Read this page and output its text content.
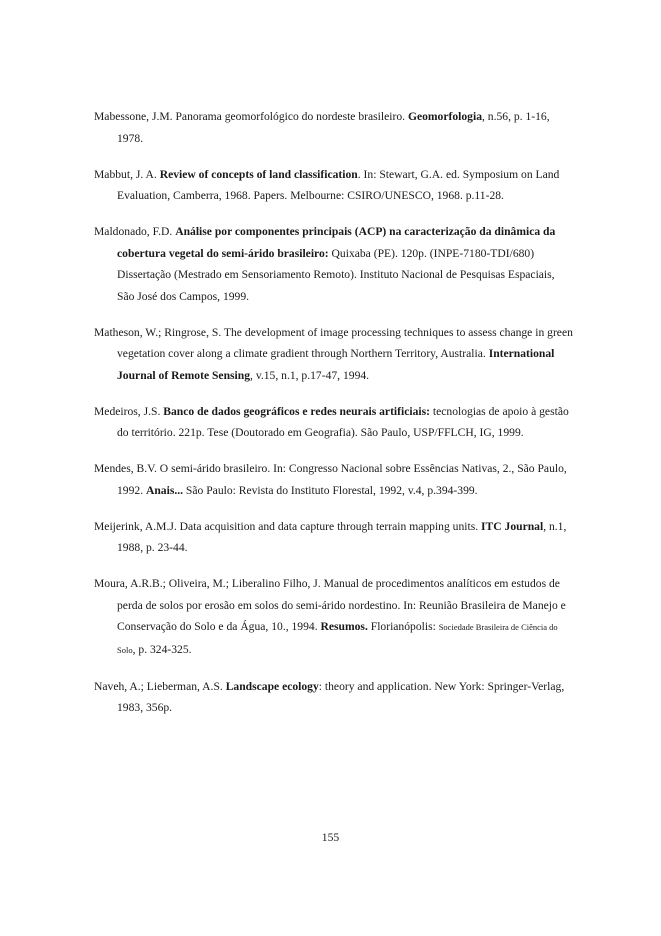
Mabessone, J.M. Panorama geomorfológico do nordeste brasileiro. Geomorfologia, n.56, p. 1-16, 1978.

Mabbut, J. A. Review of concepts of land classification. In: Stewart, G.A. ed. Symposium on Land Evaluation, Camberra, 1968. Papers. Melbourne: CSIRO/UNESCO, 1968. p.11-28.

Maldonado, F.D. Análise por componentes principais (ACP) na caracterização da dinâmica da cobertura vegetal do semi-árido brasileiro: Quixaba (PE). 120p. (INPE-7180-TDI/680) Dissertação (Mestrado em Sensoriamento Remoto). Instituto Nacional de Pesquisas Espaciais, São José dos Campos, 1999.

Matheson, W.; Ringrose, S. The development of image processing techniques to assess change in green vegetation cover along a climate gradient through Northern Territory, Australia. International Journal of Remote Sensing, v.15, n.1, p.17-47, 1994.

Medeiros, J.S. Banco de dados geográficos e redes neurais artificiais: tecnologias de apoio à gestão do território. 221p. Tese (Doutorado em Geografia). São Paulo, USP/FFLCH, IG, 1999.

Mendes, B.V. O semi-árido brasileiro. In: Congresso Nacional sobre Essências Nativas, 2., São Paulo, 1992. Anais... São Paulo: Revista do Instituto Florestal, 1992, v.4, p.394-399.

Meijerink, A.M.J. Data acquisition and data capture through terrain mapping units. ITC Journal, n.1, 1988, p. 23-44.

Moura, A.R.B.; Oliveira, M.; Liberalino Filho, J. Manual de procedimentos analíticos em estudos de perda de solos por erosão em solos do semi-árido nordestino. In: Reunião Brasileira de Manejo e Conservação do Solo e da Água, 10., 1994. Resumos. Florianópolis: Sociedade Brasileira de Ciência do Solo, p. 324-325.

Naveh, A.; Lieberman, A.S. Landscape ecology: theory and application. New York: Springer-Verlag, 1983, 356p.

155
